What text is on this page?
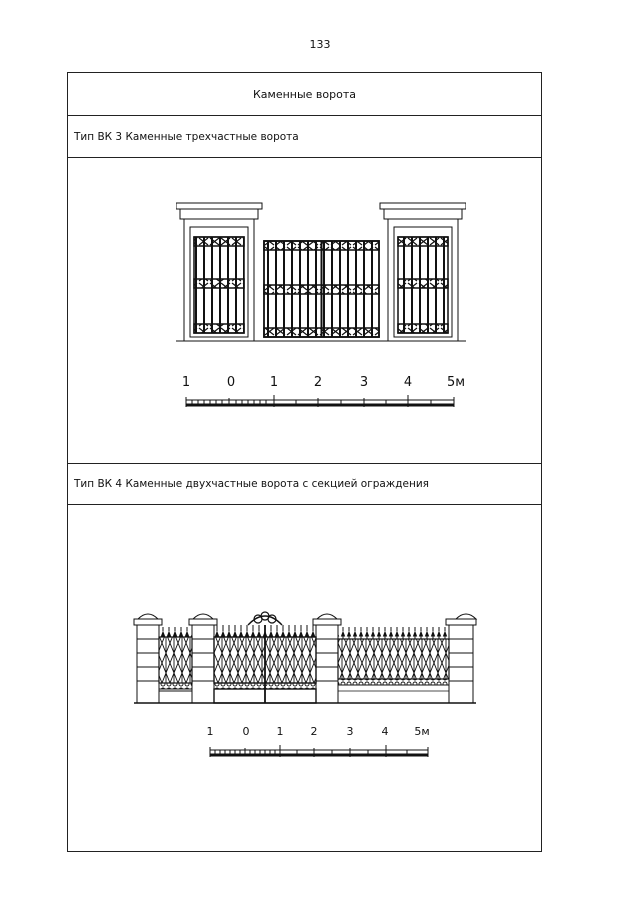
133
Каменные ворота
Тип ВК 3 Каменные трехчастные ворота
1	0	1	2	3	4	5м
Тип ВК 4 Каменные двухчастные ворота с секцией ограждения
1	0 1 2	3	4 5м
